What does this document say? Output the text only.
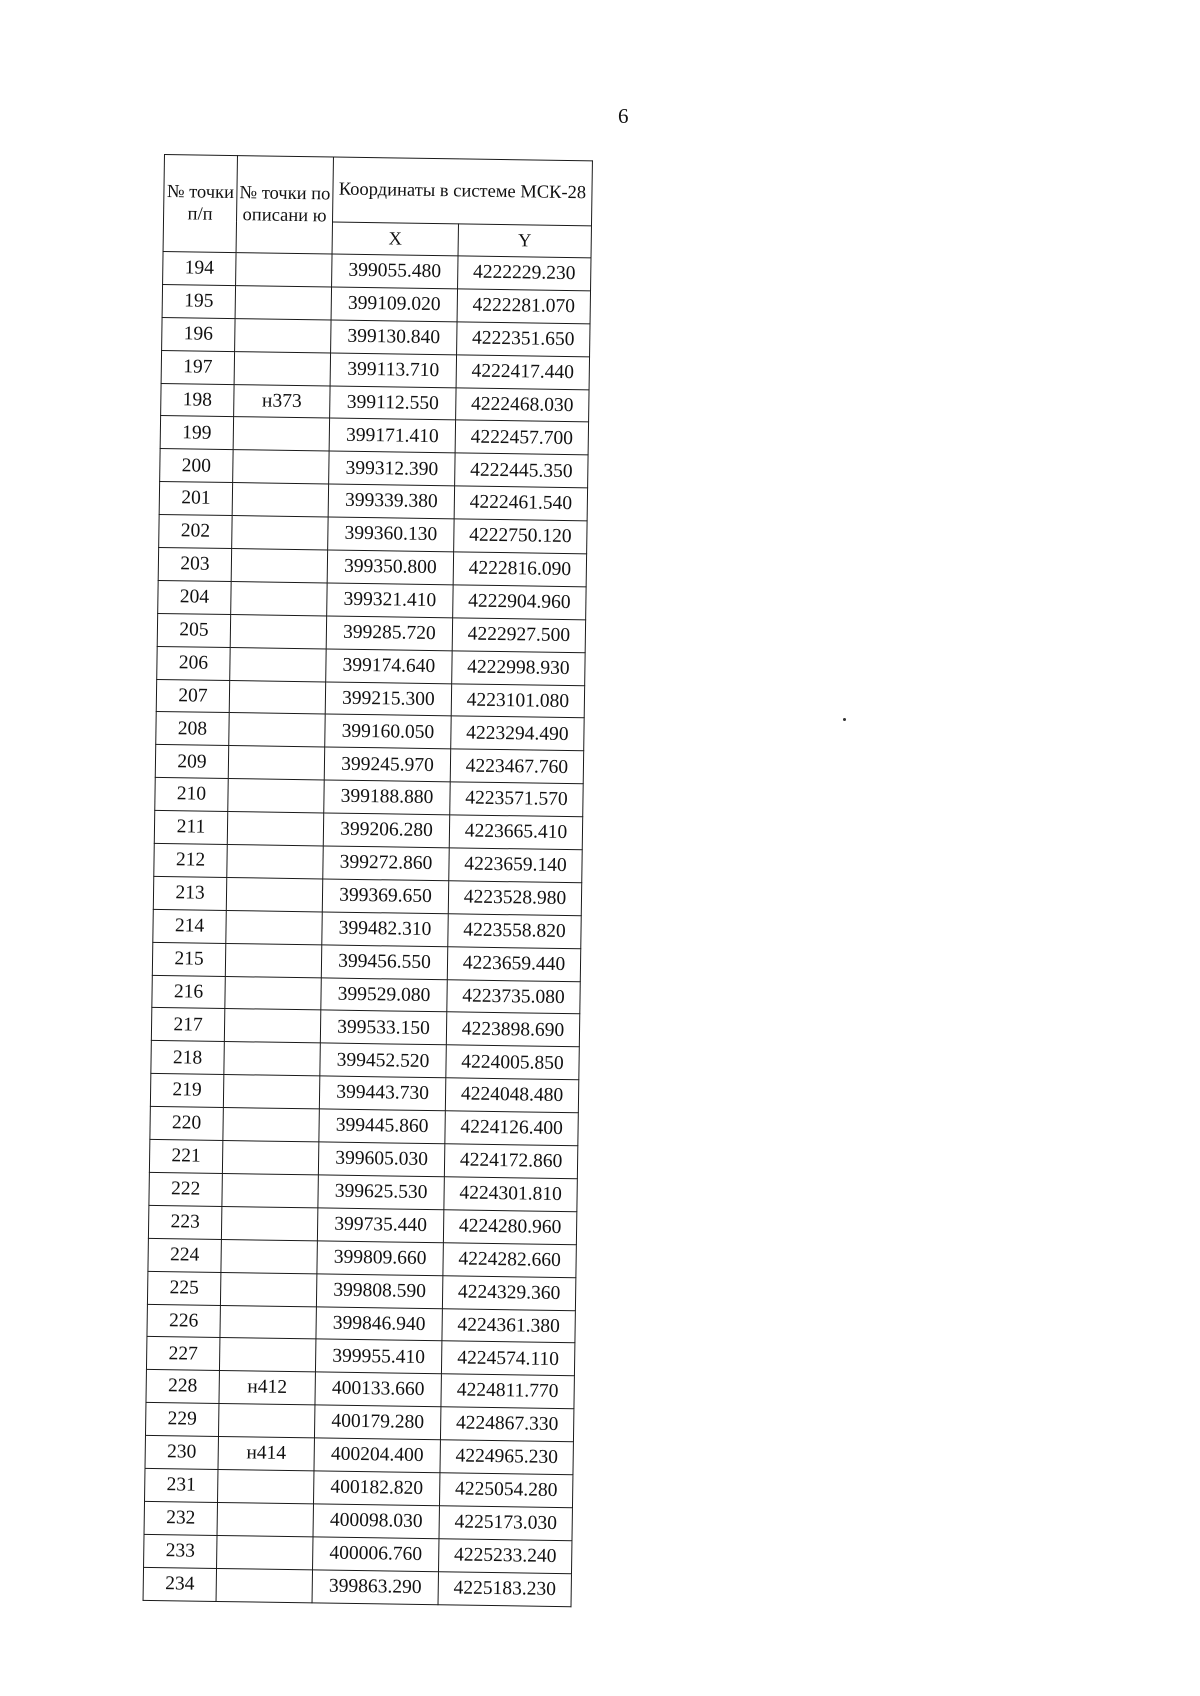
6
№ точки п/п	№ точки по описани ю	Координаты в системе МСК-28	
		X	Y
194		399055.480	4222229.230
195		399109.020	4222281.070
196		399130.840	4222351.650
197		399113.710	4222417.440
198	н373	399112.550	4222468.030
199		399171.410	4222457.700
200		399312.390	4222445.350
201		399339.380	4222461.540
202		399360.130	4222750.120
203		399350.800	4222816.090
204		399321.410	4222904.960
205		399285.720	4222927.500
206		399174.640	4222998.930
207		399215.300	4223101.080
208		399160.050	4223294.490
209		399245.970	4223467.760
210		399188.880	4223571.570
211		399206.280	4223665.410
212		399272.860	4223659.140
213		399369.650	4223528.980
214		399482.310	4223558.820
215		399456.550	4223659.440
216		399529.080	4223735.080
217		399533.150	4223898.690
218		399452.520	4224005.850
219		399443.730	4224048.480
220		399445.860	4224126.400
221		399605.030	4224172.860
222		399625.530	4224301.810
223		399735.440	4224280.960
224		399809.660	4224282.660
225		399808.590	4224329.360
226		399846.940	4224361.380
227		399955.410	4224574.110
228	н412	400133.660	4224811.770
229		400179.280	4224867.330
230	н414	400204.400	4224965.230
231		400182.820	4225054.280
232		400098.030	4225173.030
233		400006.760	4225233.240
234		399863.290	4225183.230
